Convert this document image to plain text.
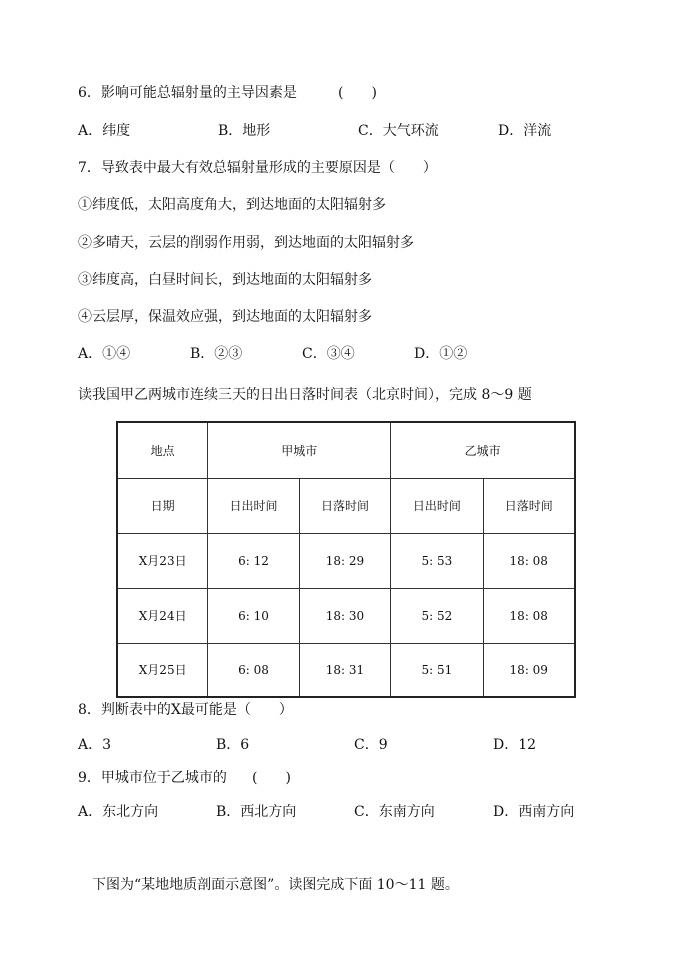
6．影响可能总辐射量的主导因素是	(　　)
A．纬度	B．地形	C．大气环流	D．洋流
7．导致表中最大有效总辐射量形成的主要原因是（　　）
①纬度低，太阳高度角大，到达地面的太阳辐射多
②多晴天，云层的削弱作用弱，到达地面的太阳辐射多
③纬度高，白昼时间长，到达地面的太阳辐射多
④云层厚，保温效应强，到达地面的太阳辐射多
A．①④	B．②③	C．③④	D．①②
读我国甲乙两城市连续三天的日出日落时间表（北京时间），完成 8～9 题
地点	甲城市		乙城市	
日期	日出时间	日落时间	日出时间	日落时间
X月23日	6: 12	18: 29	5: 53	18: 08
X月24日	6: 10	18: 30	5: 52	18: 08
X月25日	6: 08	18: 31	5: 51	18: 09
8．判断表中的X最可能是（　　）
A．3	B．6	C．9	D．12
9．甲城市位于乙城市的 (　　)
A．东北方向	B．西北方向	C．东南方向	D．西南方向
下图为“某地地质剖面示意图”。读图完成下面 10～11 题。
